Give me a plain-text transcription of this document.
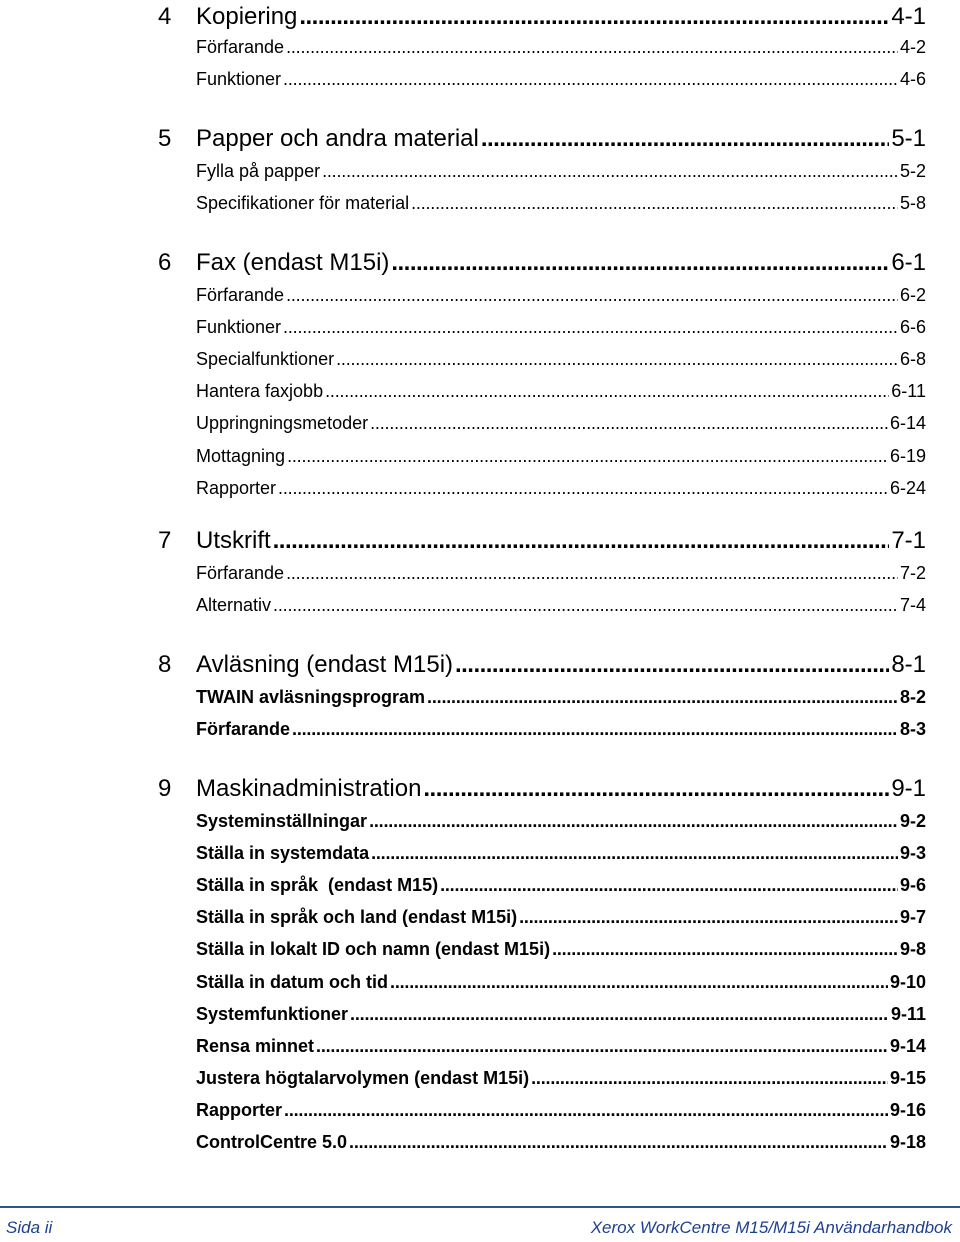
4	Kopiering . . .	4-1
Förfarande . . .	4-2
Funktioner . . .	4-6
5	Papper och andra material . . .	5-1
Fylla på papper . . .	5-2
Specifikationer för material . . .	5-8
6	Fax (endast M15i) . . .	6-1
Förfarande . . .	6-2
Funktioner . . .	6-6
Specialfunktioner . . .	6-8
Hantera faxjobb . . .	6-11
Uppringningsmetoder . . .	6-14
Mottagning . . .	6-19
Rapporter . . .	6-24
7	Utskrift . . .	7-1
Förfarande . . .	7-2
Alternativ . . .	7-4
8	Avläsning (endast M15i) . . .	8-1
TWAIN avläsningsprogram . . .	8-2
Förfarande . . .	8-3
9	Maskinadministration . . .	9-1
Systeminställningar . . .	9-2
Ställa in systemdata . . .	9-3
Ställa in språk  (endast M15) . . .	9-6
Ställa in språk och land (endast M15i) . . .	9-7
Ställa in lokalt ID och namn (endast M15i) . . .	9-8
Ställa in datum och tid . . .	9-10
Systemfunktioner . . .	9-11
Rensa minnet . . .	9-14
Justera högtalarvolymen (endast M15i) . . .	9-15
Rapporter . . .	9-16
ControlCentre 5.0 . . .	9-18
Sida ii	Xerox WorkCentre M15/M15i Användarhandbok
